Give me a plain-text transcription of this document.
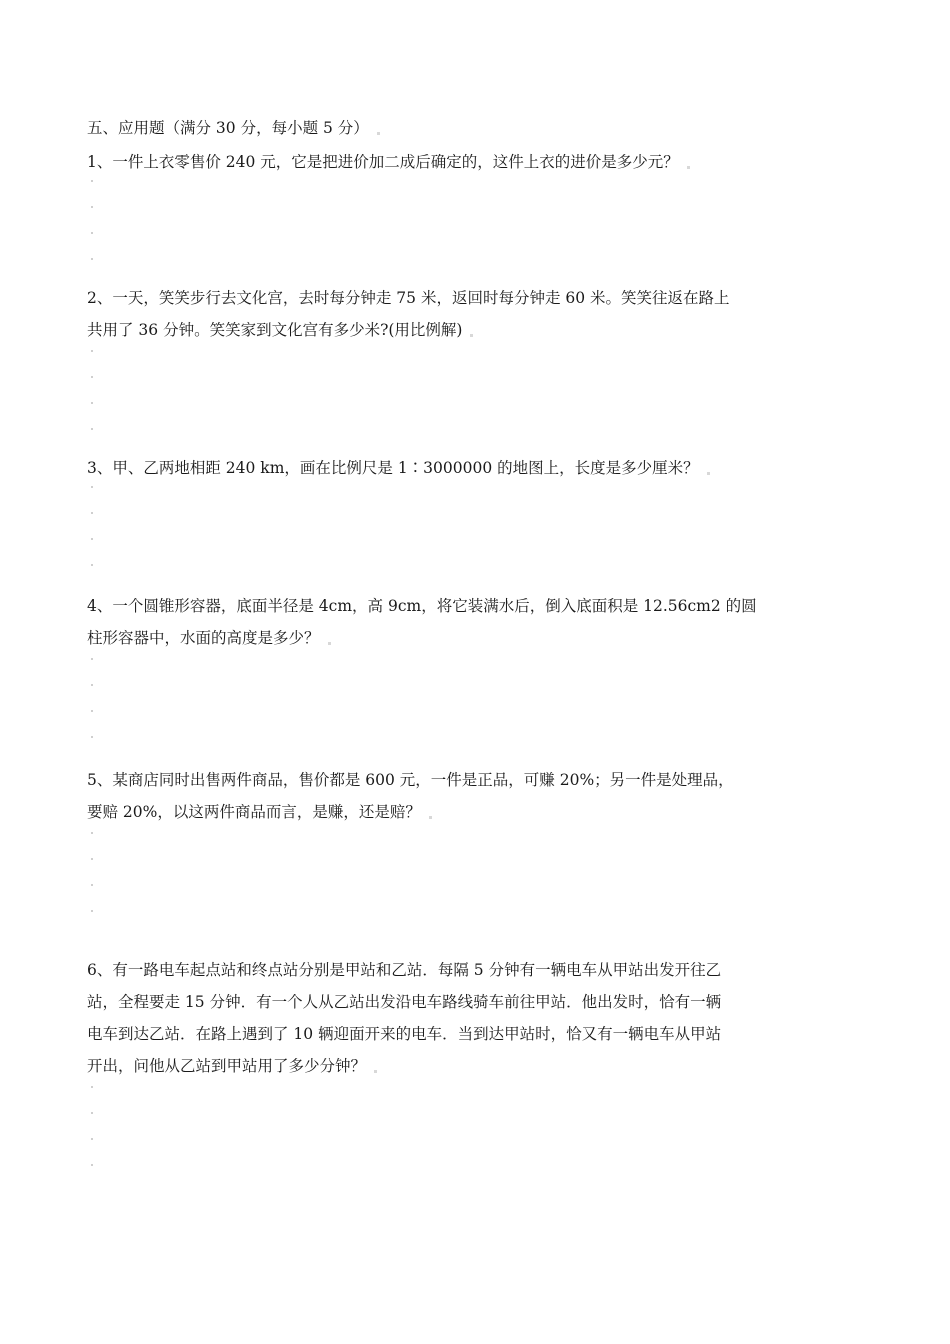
五、应用题（满分 30 分，每小题 5 分）
1、一件上衣零售价 240 元，它是把进价加二成后确定的，这件上衣的进价是多少元？
2、一天，笑笑步行去文化宫，去时每分钟走 75 米，返回时每分钟走 60 米。笑笑往返在路上
共用了 36 分钟。笑笑家到文化宫有多少米?(用比例解)
3、甲、乙两地相距 240 km，画在比例尺是 1∶3000000 的地图上，长度是多少厘米？
4、一个圆锥形容器，底面半径是 4cm，高 9cm，将它装满水后，倒入底面积是 12.56cm2 的圆
柱形容器中，水面的高度是多少？
5、某商店同时出售两件商品，售价都是 600 元，一件是正品，可赚 20%；另一件是处理品，
要赔 20%，以这两件商品而言，是赚，还是赔？
6、有一路电车起点站和终点站分别是甲站和乙站．每隔 5 分钟有一辆电车从甲站出发开往乙
站，全程要走 15 分钟．有一个人从乙站出发沿电车路线骑车前往甲站．他出发时，恰有一辆
电车到达乙站．在路上遇到了 10 辆迎面开来的电车．当到达甲站时，恰又有一辆电车从甲站
开出，问他从乙站到甲站用了多少分钟？
